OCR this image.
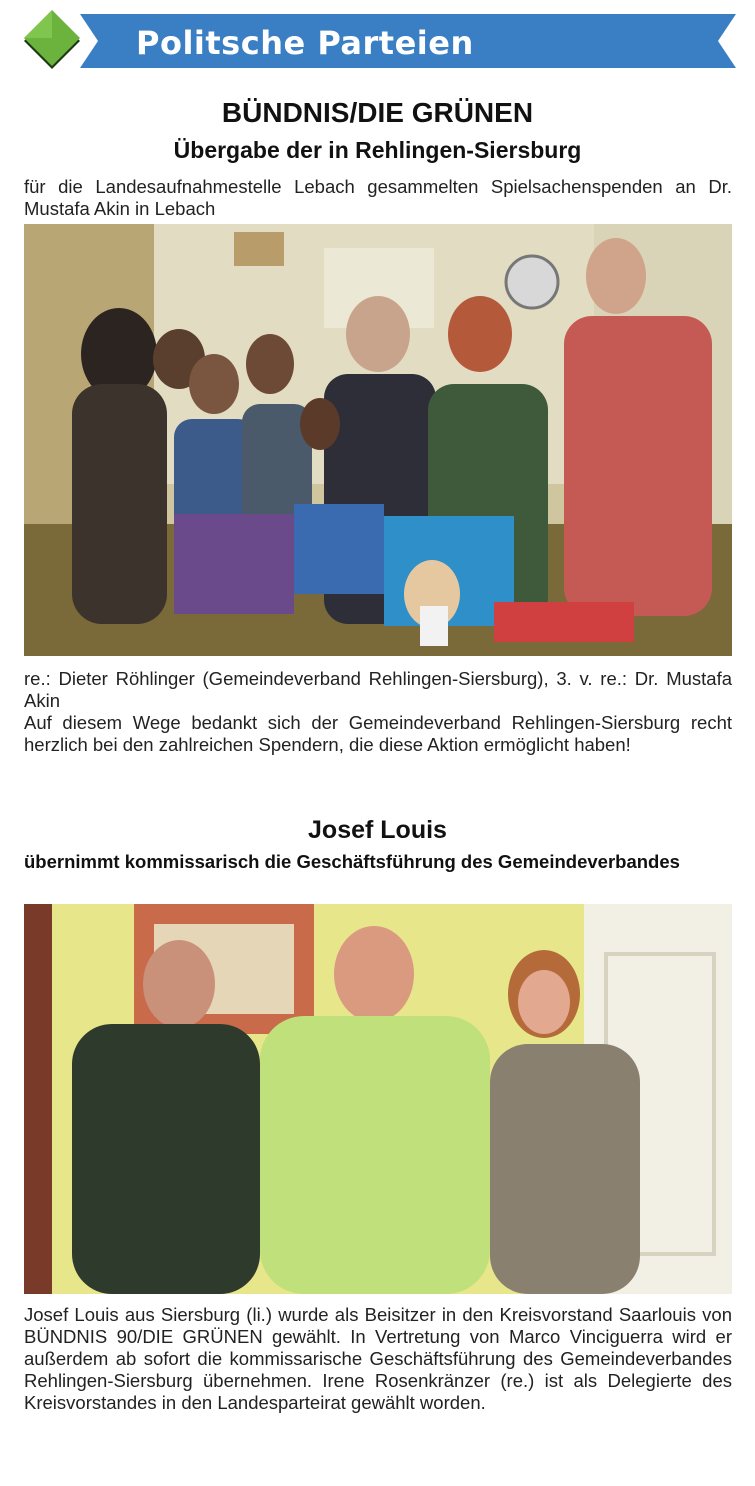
Politsche Parteien
BÜNDNIS/DIE GRÜNEN
Übergabe der in Rehlingen-Siersburg
für die Landesaufnahmestelle Lebach gesammelten Spielsachenspenden an Dr. Mustafa Akin in Lebach
re.: Dieter Röhlinger (Gemeindeverband Rehlingen-Siersburg), 3. v. re.: Dr. Mustafa Akin
Auf diesem Wege bedankt sich der Gemeindeverband Rehlingen-Siersburg recht herzlich bei den zahlreichen Spendern, die diese Aktion ermöglicht haben!
Josef Louis
übernimmt kommissarisch die Geschäftsführung des Gemeindeverbandes
Josef Louis aus Siersburg (li.) wurde als Beisitzer in den Kreisvorstand Saarlouis von BÜNDNIS 90/DIE GRÜNEN gewählt. In Vertretung von Marco Vinciguerra wird er außerdem ab sofort die kommissarische Geschäftsführung des Gemeindeverbandes Rehlingen-Siersburg übernehmen. Irene Rosenkränzer (re.) ist als Delegierte des Kreisvorstandes in den Landesparteirat gewählt worden.
